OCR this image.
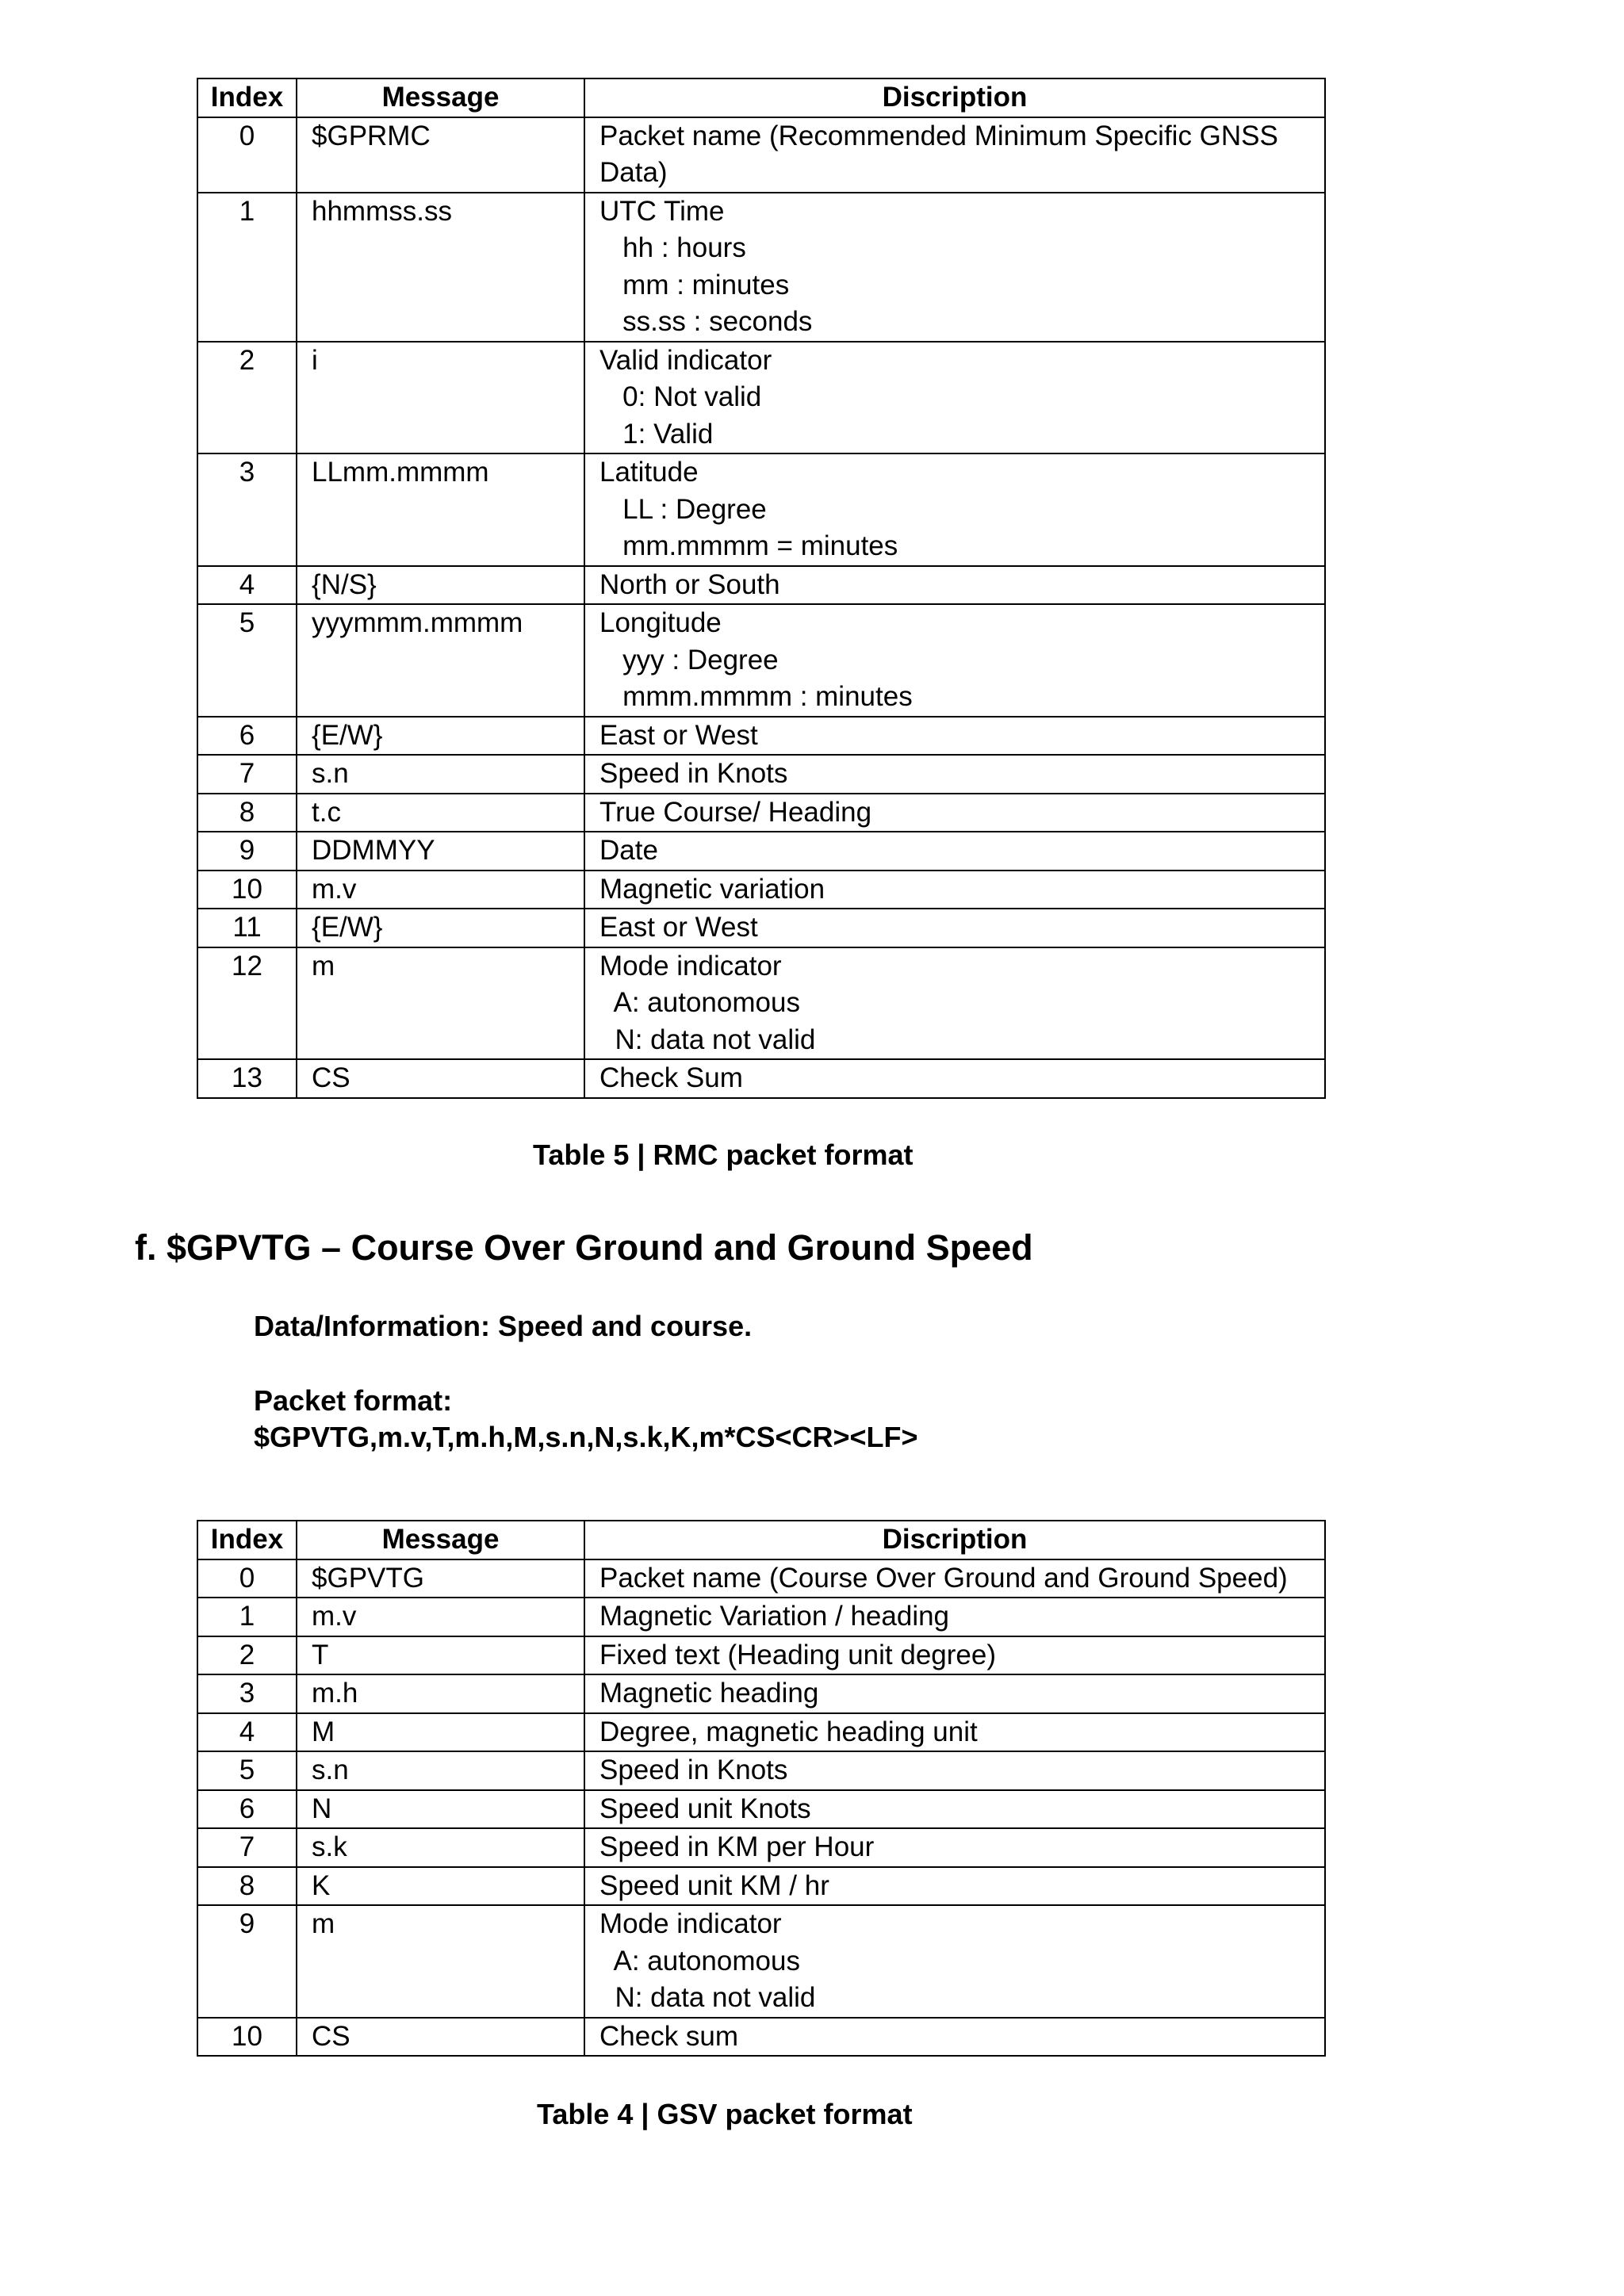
Index	Message	Discription
0	$GPRMC	Packet name (Recommended Minimum Specific GNSS
Data)

1	hhmmss.ss	UTC Time
hh : hours
mm : minutes
ss.ss : seconds

2	i	Valid indicator
0: Not valid
1: Valid

3	LLmm.mmmm	Latitude
LL : Degree
mm.mmmm = minutes

4	{N/S}	North or South

5	yyymmm.mmmm	Longitude
yyy : Degree
mmm.mmmm : minutes

6	{E/W}	East or West

7	s.n	Speed in Knots

8	t.c	True Course/ Heading

9	DDMMYY	Date

10	m.v	Magnetic variation

11	{E/W}	East or West

12	m	Mode indicator
A: autonomous
N: data not valid

13	CS	Check Sum
Table 5 | RMC packet format
f. $GPVTG – Course Over Ground and Ground Speed
Data/Information: Speed and course.
Packet format:
$GPVTG,m.v,T,m.h,M,s.n,N,s.k,K,m*CS<CR><LF>
Index	Message	Discription
0	$GPVTG	Packet name (Course Over Ground and Ground Speed)

1	m.v	Magnetic Variation / heading

2	T	Fixed text (Heading unit degree)

3	m.h	Magnetic heading

4	M	Degree, magnetic heading unit

5	s.n	Speed in Knots

6	N	Speed unit Knots

7	s.k	Speed in KM per Hour

8	K	Speed unit KM / hr

9	m	Mode indicator
A: autonomous
N: data not valid

10	CS	Check sum
Table 4 | GSV packet format
